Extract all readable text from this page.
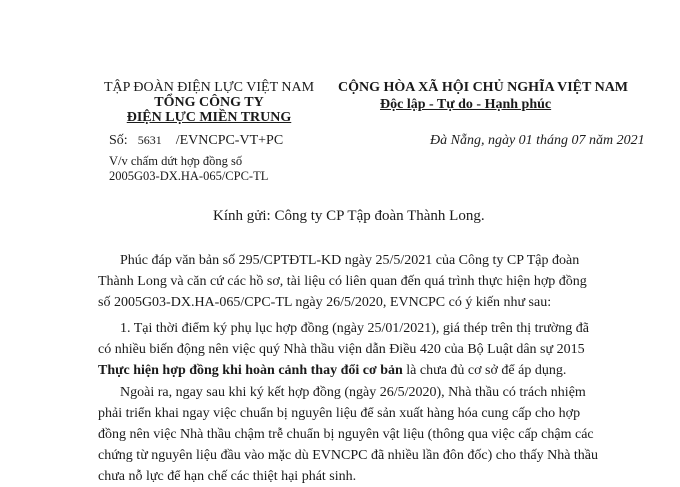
TẬP ĐOÀN ĐIỆN LỰC VIỆT NAM
TỔNG CÔNG TY
ĐIỆN LỰC MIỀN TRUNG
CỘNG HÒA XÃ HỘI CHỦ NGHĨA VIỆT NAM
Độc lập - Tự do - Hạnh phúc
Số: 5631 /EVNCPC-VT+PC	Đà Nẵng, ngày 01 tháng 07 năm 2021
V/v chấm dứt hợp đồng số
2005G03-DX.HA-065/CPC-TL
Kính gửi: Công ty CP Tập đoàn Thành Long.
Phúc đáp văn bản số 295/CPTĐTL-KD ngày 25/5/2021 của Công ty CP Tập đoàn
Thành Long và căn cứ các hồ sơ, tài liệu có liên quan đến quá trình thực hiện hợp đồng
số 2005G03-DX.HA-065/CPC-TL ngày 26/5/2020, EVNCPC có ý kiến như sau:
1. Tại thời điểm ký phụ lục hợp đồng (ngày 25/01/2021), giá thép trên thị trường đã
có nhiều biến động nên việc quý Nhà thầu viện dẫn Điều 420 của Bộ Luật dân sự 2015
Thực hiện hợp đồng khi hoàn cảnh thay đổi cơ bản là chưa đủ cơ sở để áp dụng.
Ngoài ra, ngay sau khi ký kết hợp đồng (ngày 26/5/2020), Nhà thầu có trách nhiệm
phải triển khai ngay việc chuẩn bị nguyên liệu để sản xuất hàng hóa cung cấp cho hợp
đồng nên việc Nhà thầu chậm trễ chuẩn bị nguyên vật liệu (thông qua việc cấp chậm các
chứng từ nguyên liệu đầu vào mặc dù EVNCPC đã nhiều lần đôn đốc) cho thấy Nhà thầu
chưa nỗ lực để hạn chế các thiệt hại phát sinh.
